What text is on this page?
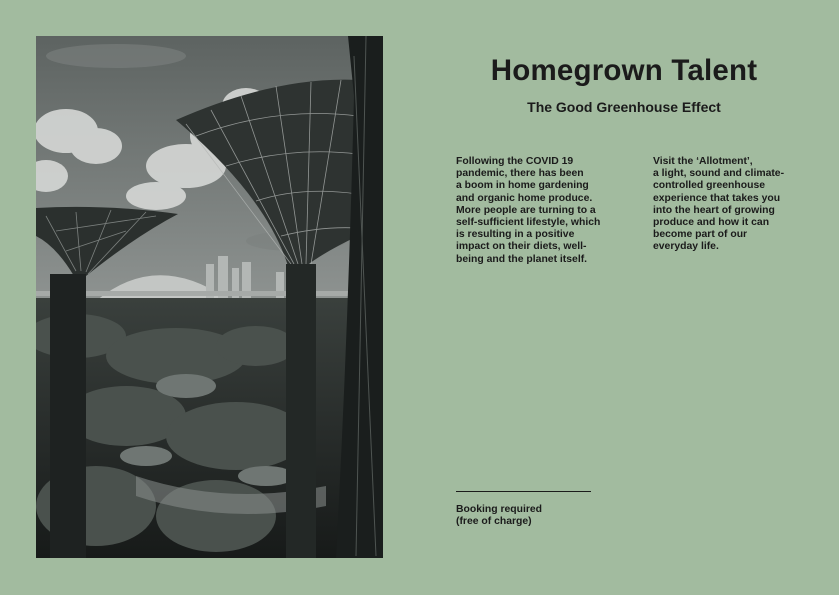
Homegrown Talent
The Good Greenhouse Effect
Following the COVID 19
pandemic, there has been
a boom in home gardening
and organic home produce.
More people are turning to a
self-sufficient lifestyle, which
is resulting in a positive
impact on their diets, well-
being and the planet itself.
Visit the ‘Allotment’,
a light, sound and climate-
controlled greenhouse
experience that takes you
into the heart of growing
produce and how it can
become part of our
everyday life.
Booking required
(free of charge)
